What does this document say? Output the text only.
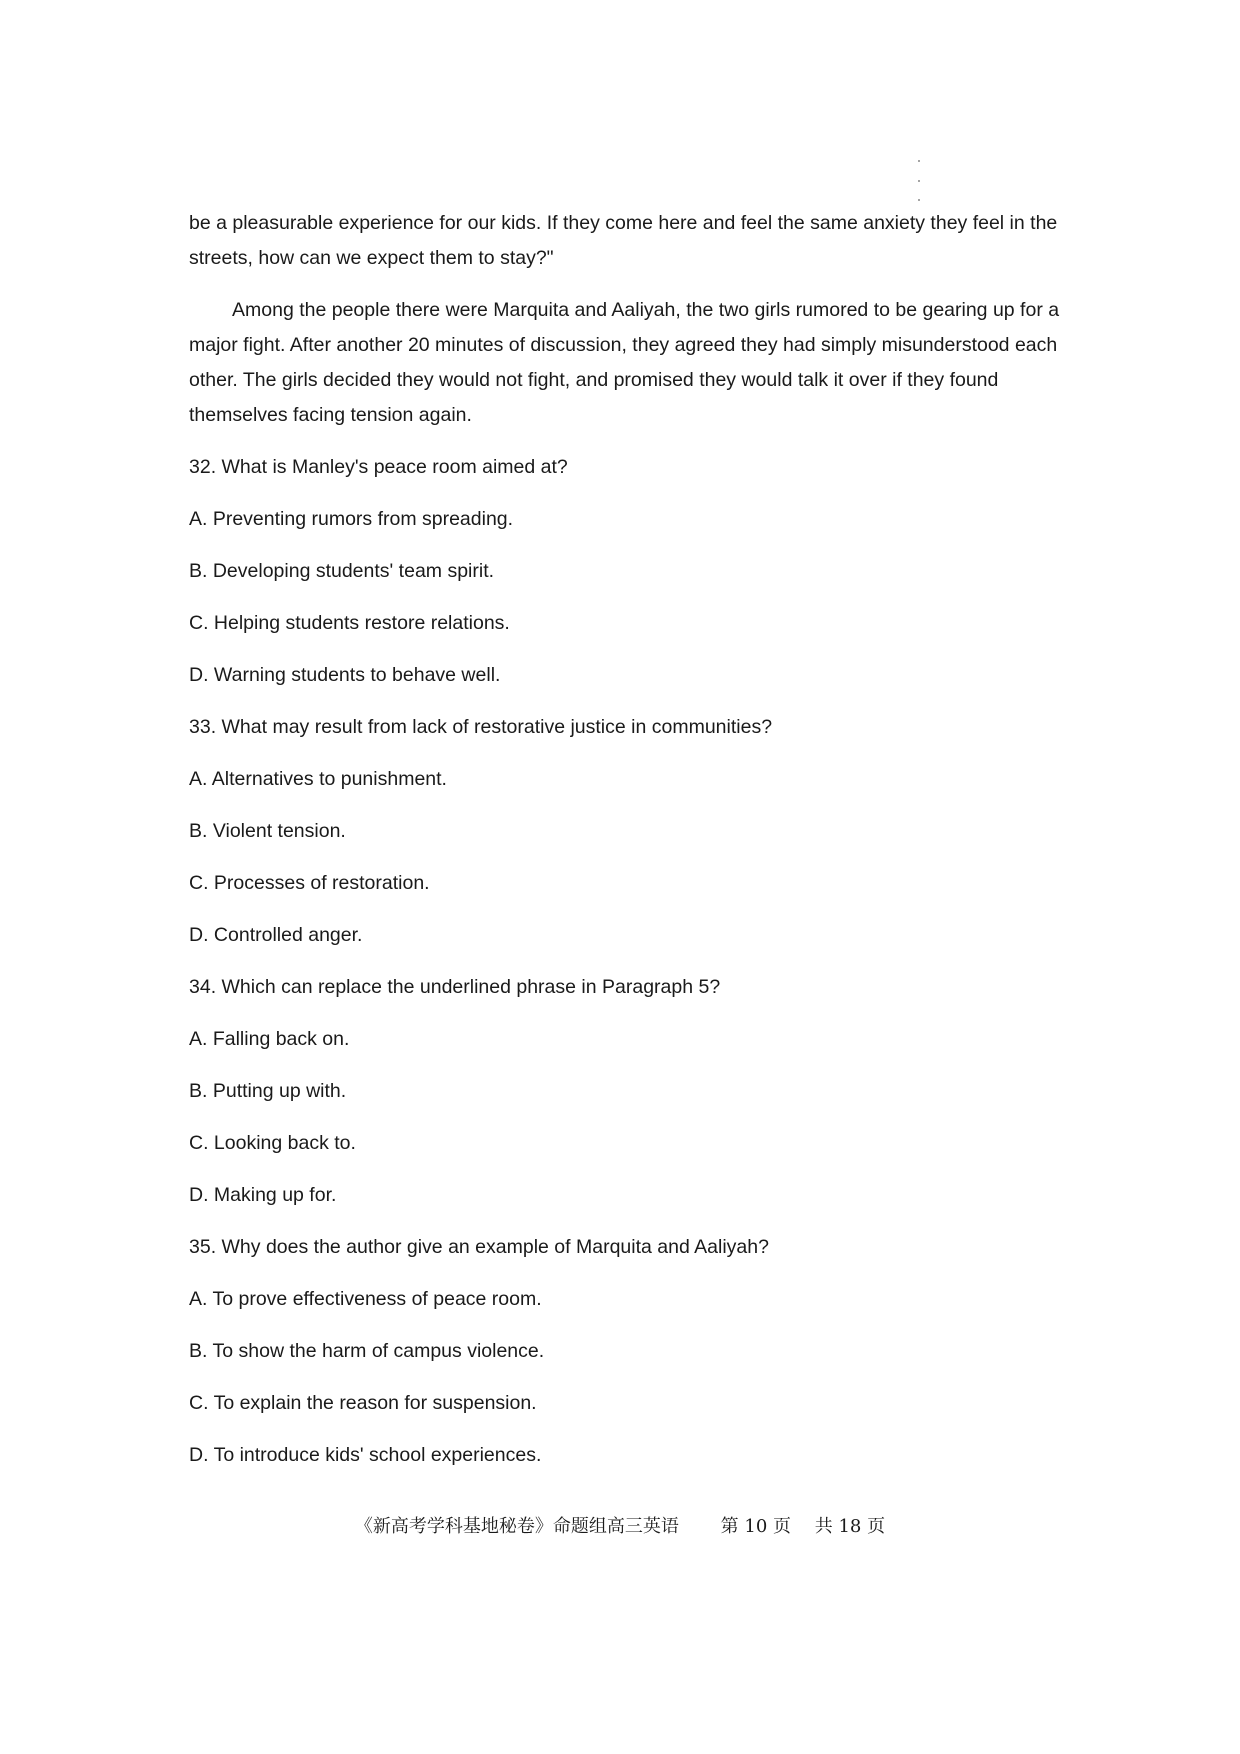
be a pleasurable experience for our kids. If they come here and feel the same anxiety they feel in the streets, how can we expect them to stay?"

Among the people there were Marquita and Aaliyah, the two girls rumored to be gearing up for a major fight. After another 20 minutes of discussion, they agreed they had simply misunderstood each other. The girls decided they would not fight, and promised they would talk it over if they found themselves facing tension again.

32. What is Manley's peace room aimed at?

A. Preventing rumors from spreading.

B. Developing students' team spirit.

C. Helping students restore relations.

D. Warning students to behave well.

33. What may result from lack of restorative justice in communities?

A. Alternatives to punishment.

B. Violent tension.

C. Processes of restoration.

D. Controlled anger.

34. Which can replace the underlined phrase in Paragraph 5?

A. Falling back on.

B. Putting up with.

C. Looking back to.

D. Making up for.

35. Why does the author give an example of Marquita and Aaliyah?

A. To prove effectiveness of peace room.

B. To show the harm of campus violence.

C. To explain the reason for suspension.

D. To introduce kids' school experiences.

《新高考学科基地秘卷》命题组高三英语 第 10 页 共 18 页
